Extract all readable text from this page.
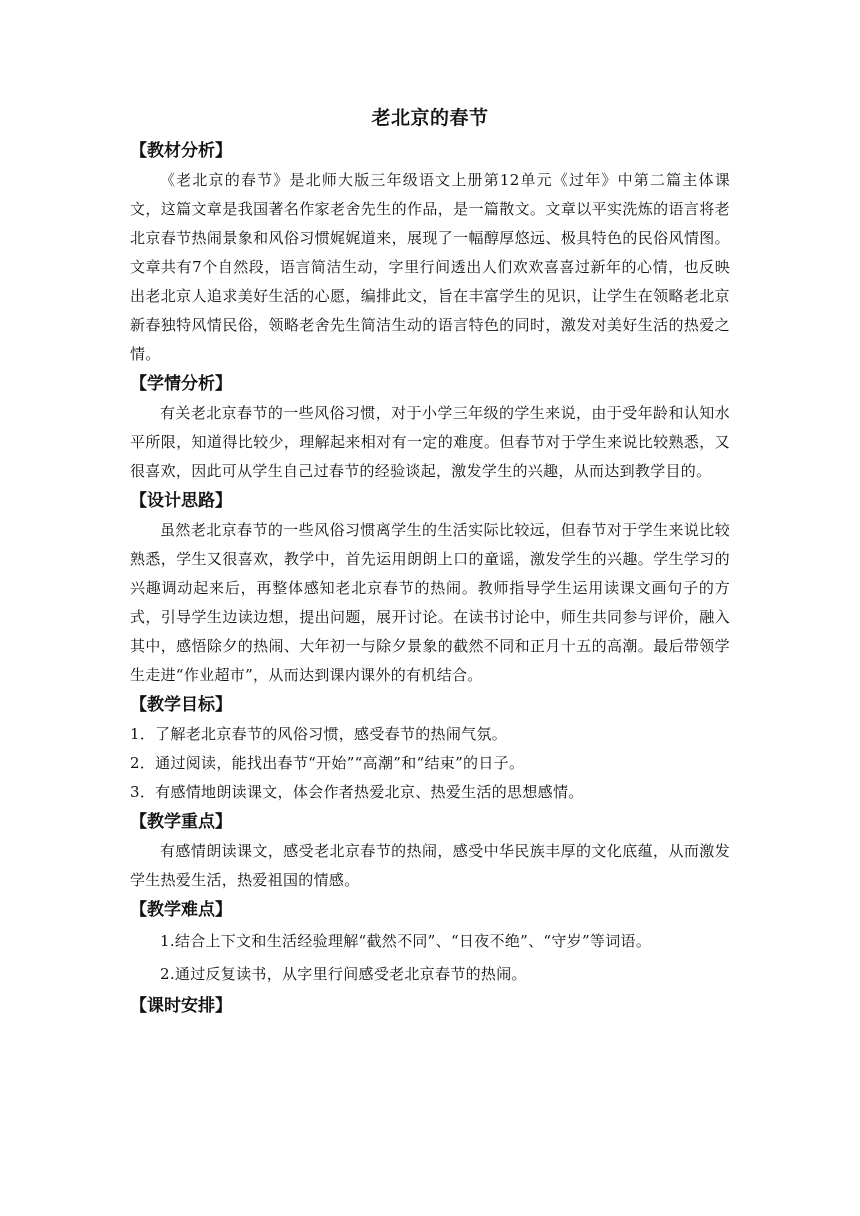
老北京的春节
【教材分析】

《老北京的春节》是北师大版三年级语文上册第12单元《过年》中第二篇主体课文，这篇文章是我国著名作家老舍先生的作品，是一篇散文。文章以平实洗炼的语言将老北京春节热闹景象和风俗习惯娓娓道来，展现了一幅醇厚悠远、极具特色的民俗风情图。文章共有7个自然段，语言简洁生动，字里行间透出人们欢欢喜喜过新年的心情，也反映出老北京人追求美好生活的心愿，编排此文，旨在丰富学生的见识，让学生在领略老北京新春独特风情民俗，领略老舍先生简洁生动的语言特色的同时，激发对美好生活的热爱之情。

【学情分析】

有关老北京春节的一些风俗习惯，对于小学三年级的学生来说，由于受年龄和认知水平所限，知道得比较少，理解起来相对有一定的难度。但春节对于学生来说比较熟悉，又很喜欢，因此可从学生自己过春节的经验谈起，激发学生的兴趣，从而达到教学目的。

【设计思路】

虽然老北京春节的一些风俗习惯离学生的生活实际比较远，但春节对于学生来说比较熟悉，学生又很喜欢，教学中，首先运用朗朗上口的童谣，激发学生的兴趣。学生学习的兴趣调动起来后，再整体感知老北京春节的热闹。教师指导学生运用读课文画句子的方式，引导学生边读边想，提出问题，展开讨论。在读书讨论中，师生共同参与评价，融入其中，感悟除夕的热闹、大年初一与除夕景象的截然不同和正月十五的高潮。最后带领学生走进“作业超市”，从而达到课内课外的有机结合。

【教学目标】

1．了解老北京春节的风俗习惯，感受春节的热闹气氛。

2．通过阅读，能找出春节“开始”“高潮”和“结束”的日子。

3．有感情地朗读课文，体会作者热爱北京、热爱生活的思想感情。

【教学重点】

有感情朗读课文，感受老北京春节的热闹，感受中华民族丰厚的文化底蕴，从而激发学生热爱生活，热爱祖国的情感。

【教学难点】

1.结合上下文和生活经验理解“截然不同”、“日夜不绝”、“守岁”等词语。

2.通过反复读书，从字里行间感受老北京春节的热闹。

【课时安排】
